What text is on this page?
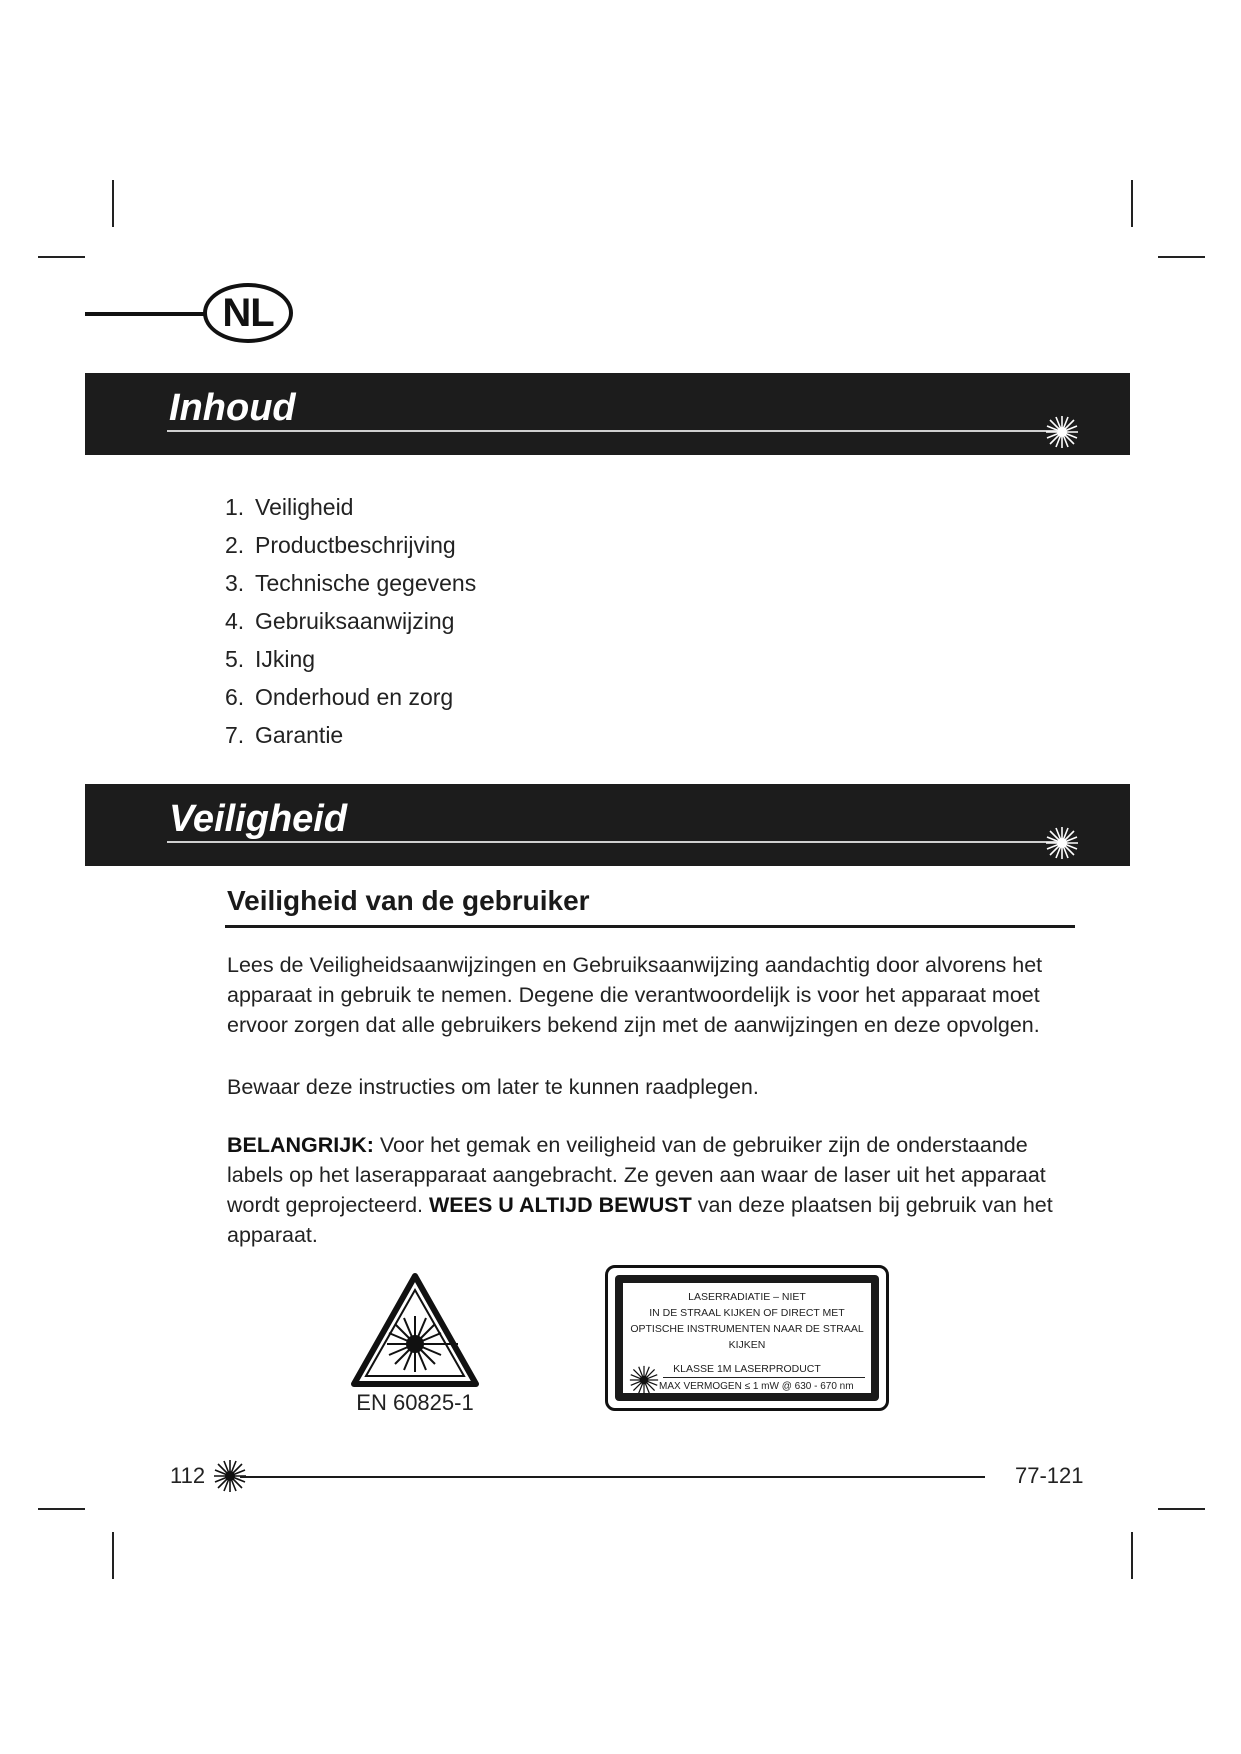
NL
Inhoud
1. Veiligheid
2. Productbeschrijving
3. Technische gegevens
4. Gebruiksaanwijzing
5. IJking
6. Onderhoud en zorg
7. Garantie
Veiligheid
Veiligheid van de gebruiker

Lees de Veiligheidsaanwijzingen en Gebruiksaanwijzing aandachtig door alvorens het apparaat in gebruik te nemen. Degene die verantwoordelijk is voor het apparaat moet ervoor zorgen dat alle gebruikers bekend zijn met de aanwijzingen en deze opvolgen.

Bewaar deze instructies om later te kunnen raadplegen.

BELANGRIJK: Voor het gemak en veiligheid van de gebruiker zijn de onderstaande labels op het laserapparaat aangebracht. Ze geven aan waar de laser uit het apparaat wordt geprojecteerd. WEES U ALTIJD BEWUST van deze plaatsen bij gebruik van het apparaat.

EN 60825-1
LASERRADIATIE – NIET
IN DE STRAAL KIJKEN OF DIRECT MET
OPTISCHE INSTRUMENTEN NAAR DE STRAAL
KIJKEN
KLASSE 1M LASERPRODUCT
MAX VERMOGEN ≤ 1 mW @ 630 - 670 nm
112	77-121
